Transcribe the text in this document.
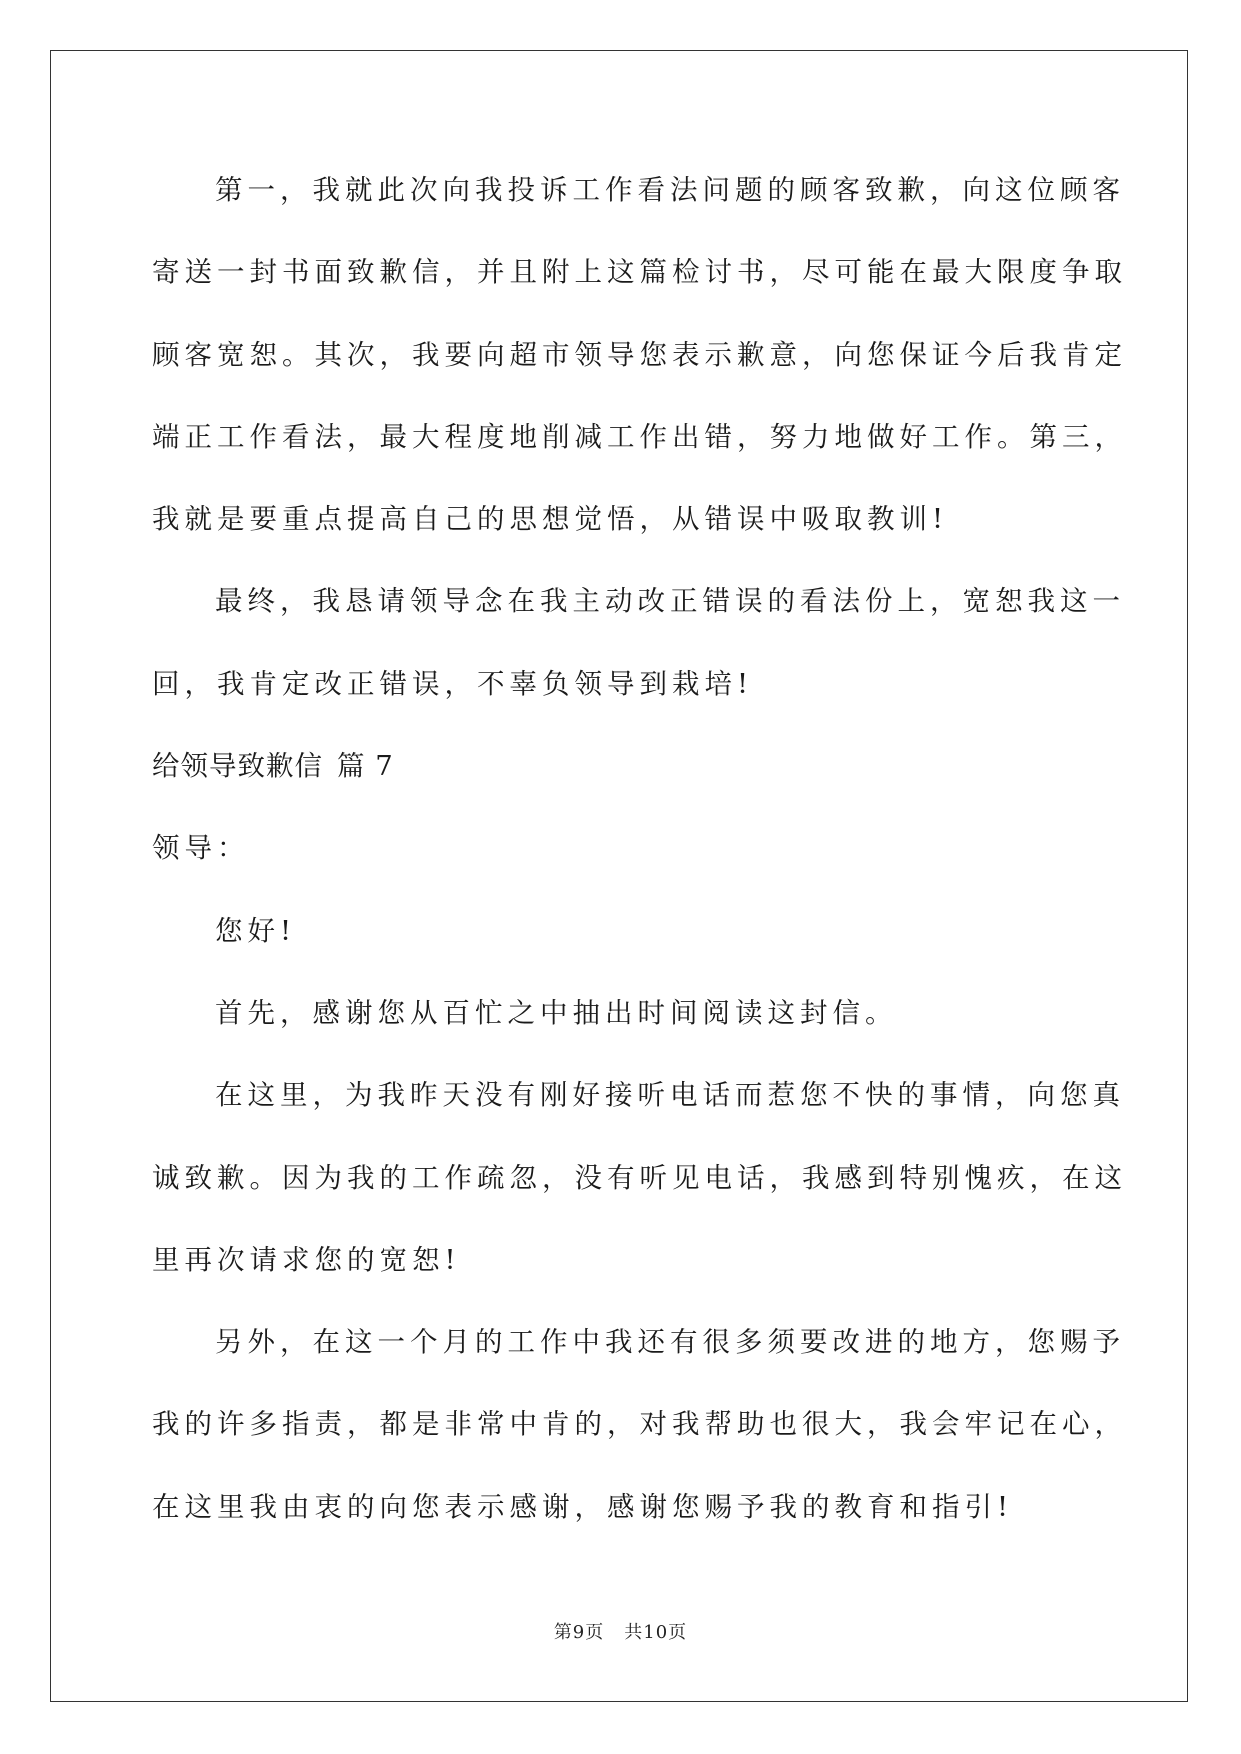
第一，我就此次向我投诉工作看法问题的顾客致歉，向这位顾客
寄送一封书面致歉信，并且附上这篇检讨书，尽可能在最大限度争取
顾客宽恕。其次，我要向超市领导您表示歉意，向您保证今后我肯定
端正工作看法，最大程度地削减工作出错，努力地做好工作。第三，
我就是要重点提高自己的思想觉悟，从错误中吸取教训!
最终，我恳请领导念在我主动改正错误的看法份上，宽恕我这一
回，我肯定改正错误，不辜负领导到栽培!
给领导致歉信 篇 7
领导：
您好!
首先，感谢您从百忙之中抽出时间阅读这封信。
在这里，为我昨天没有刚好接听电话而惹您不快的事情，向您真
诚致歉。因为我的工作疏忽，没有听见电话，我感到特别愧疚，在这
里再次请求您的宽恕!
另外，在这一个月的工作中我还有很多须要改进的地方，您赐予
我的许多指责，都是非常中肯的，对我帮助也很大，我会牢记在心，
在这里我由衷的向您表示感谢，感谢您赐予我的教育和指引!
第9页 共10页
